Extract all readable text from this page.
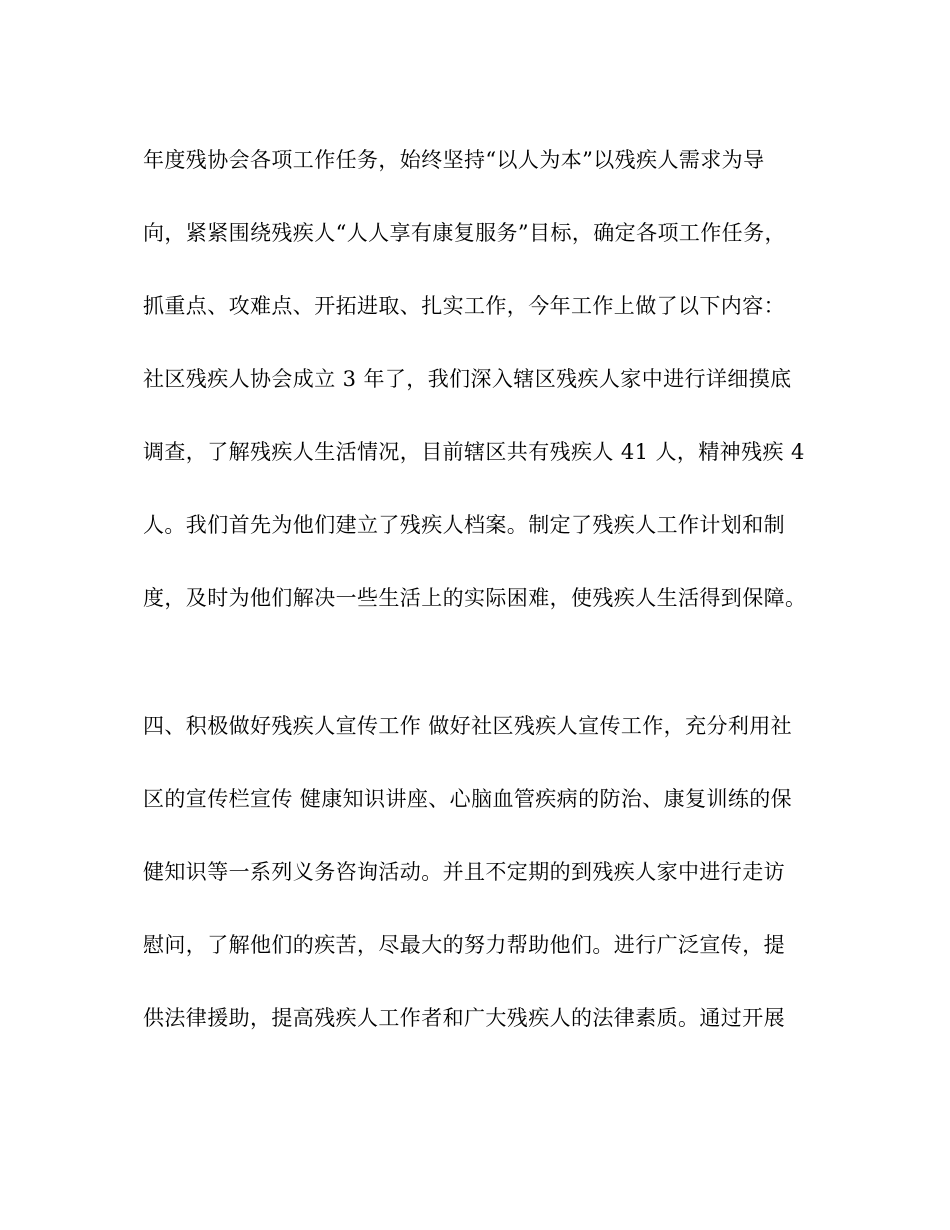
年度残协会各项工作任务，始终坚持“以人为本”以残疾人需求为导
向，紧紧围绕残疾人“人人享有康复服务”目标，确定各项工作任务，
抓重点、攻难点、开拓进取、扎实工作，今年工作上做了以下内容：
社区残疾人协会成立 3 年了，我们深入辖区残疾人家中进行详细摸底
调查，了解残疾人生活情况，目前辖区共有残疾人 41 人，精神残疾 4
人。我们首先为他们建立了残疾人档案。制定了残疾人工作计划和制
度，及时为他们解决一些生活上的实际困难，使残疾人生活得到保障。
四、积极做好残疾人宣传工作 做好社区残疾人宣传工作，充分利用社
区的宣传栏宣传 健康知识讲座、心脑血管疾病的防治、康复训练的保
健知识等一系列义务咨询活动。并且不定期的到残疾人家中进行走访
慰问，了解他们的疾苦，尽最大的努力帮助他们。进行广泛宣传，提
供法律援助，提高残疾人工作者和广大残疾人的法律素质。通过开展
